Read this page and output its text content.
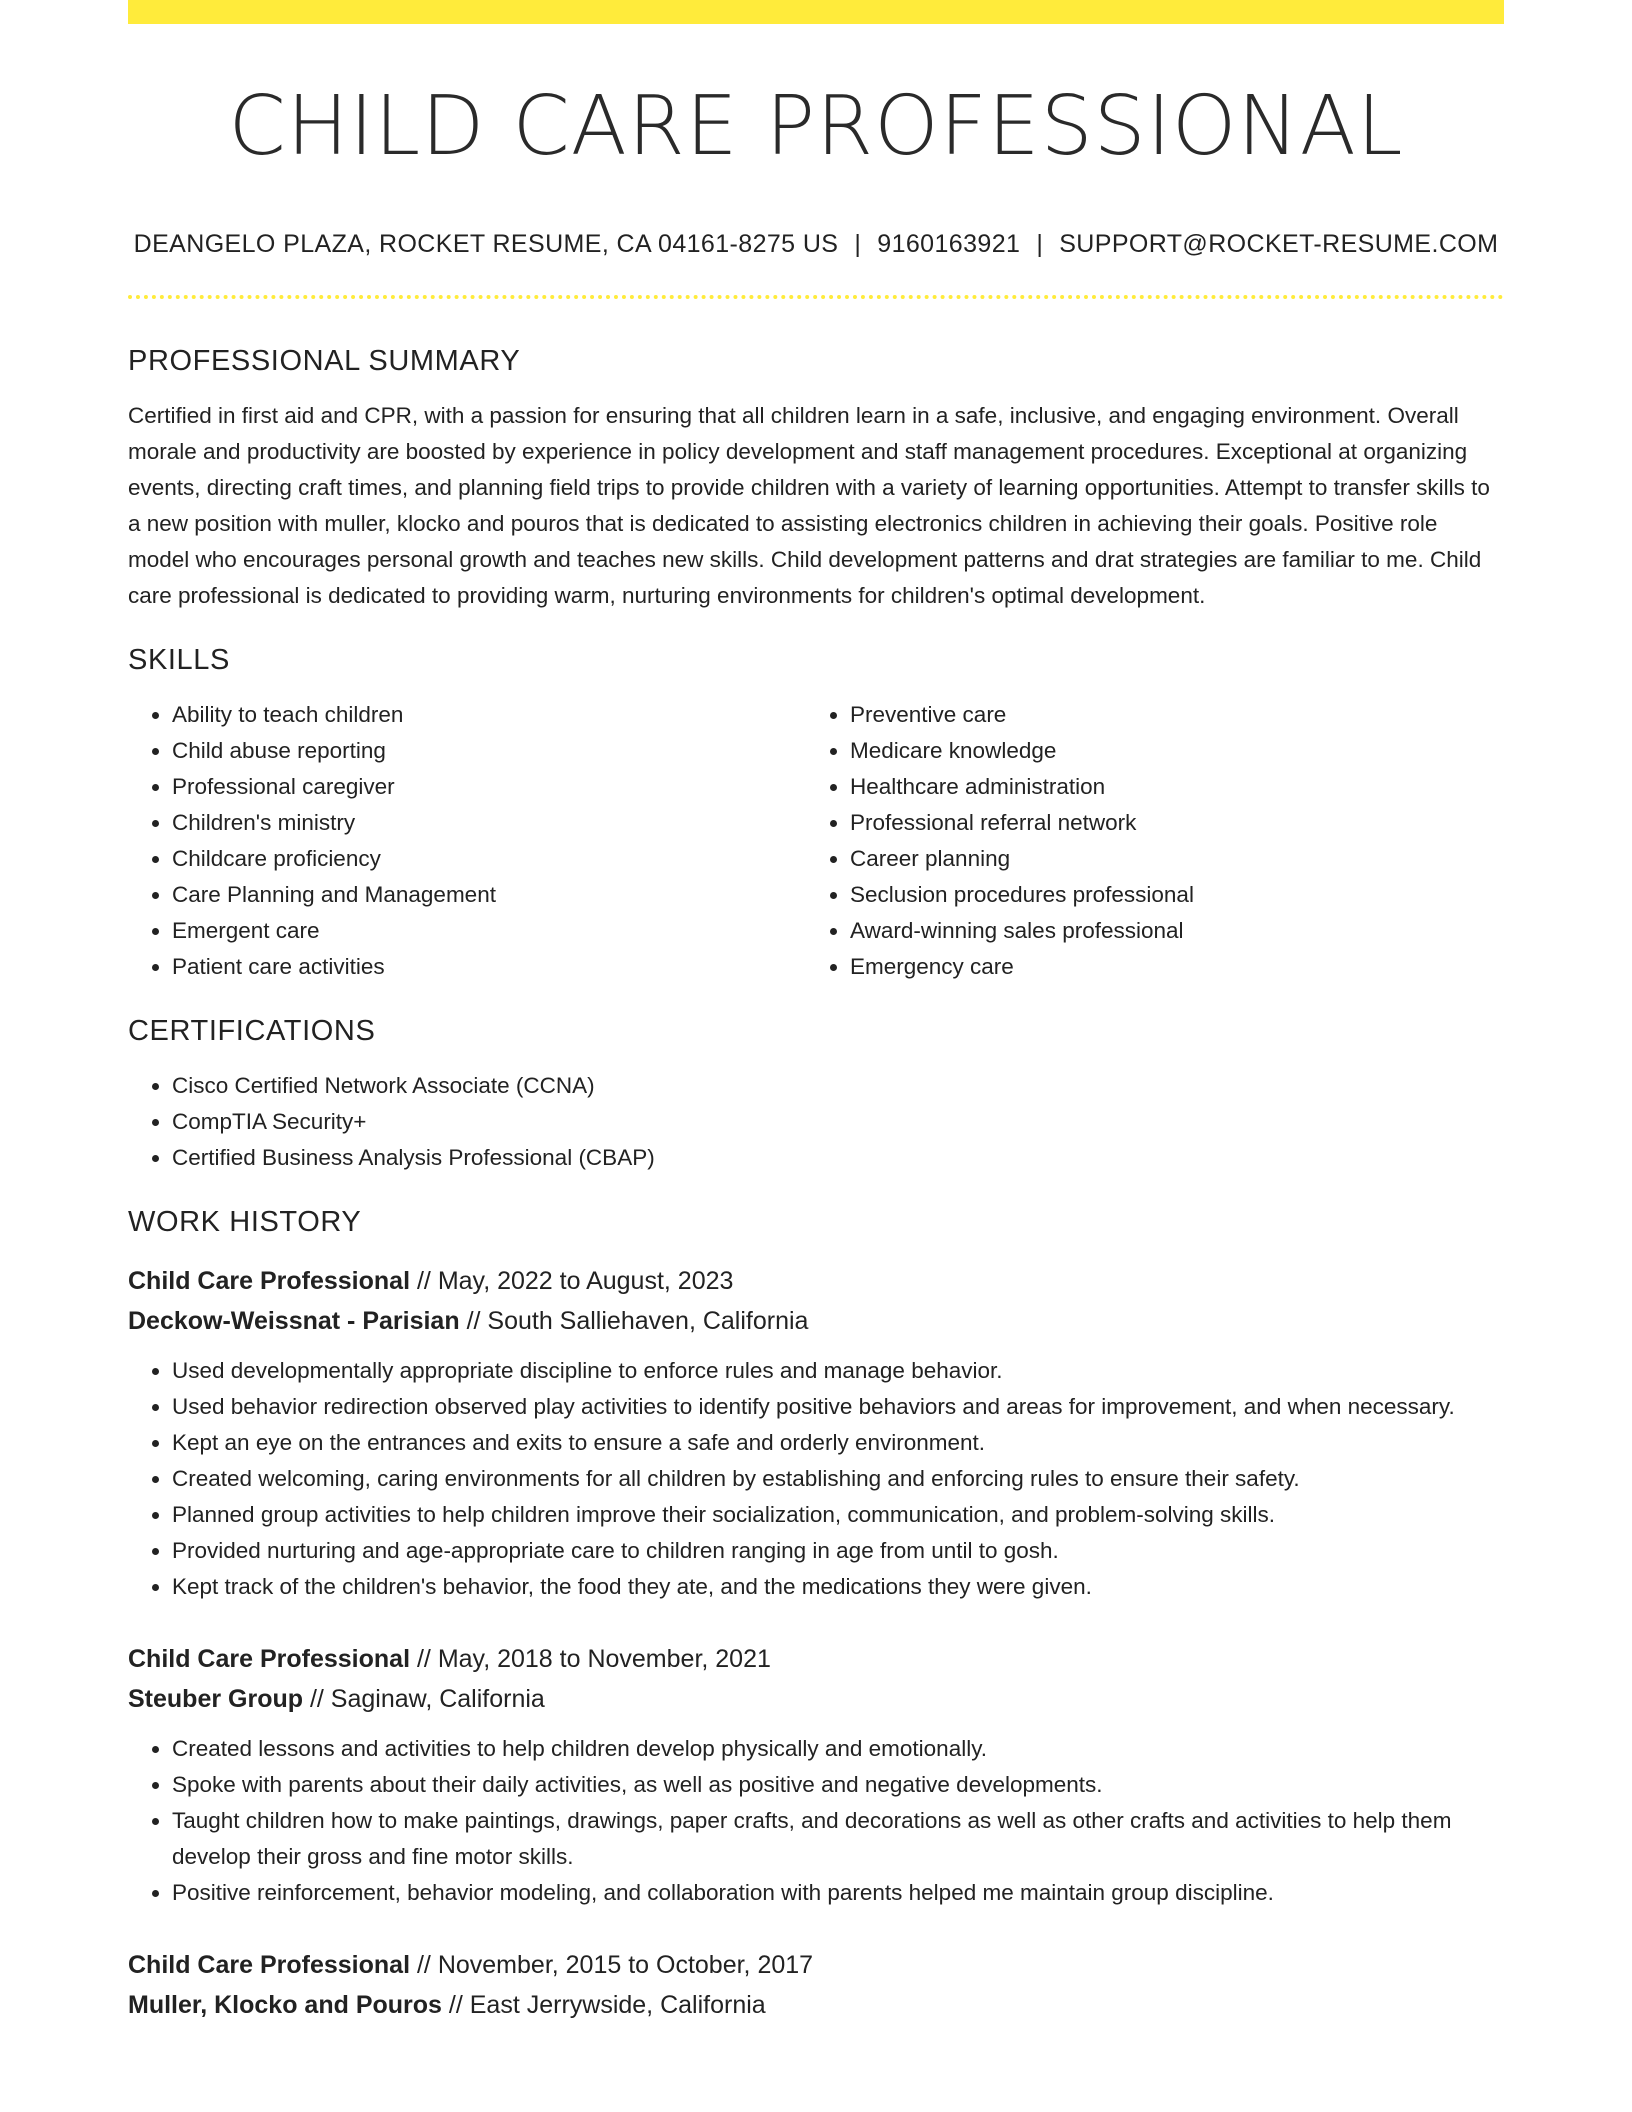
CHILD CARE PROFESSIONAL
DEANGELO PLAZA, ROCKET RESUME, CA 04161-8275 US | 9160163921 | SUPPORT@ROCKET-RESUME.COM
PROFESSIONAL SUMMARY
Certified in first aid and CPR, with a passion for ensuring that all children learn in a safe, inclusive, and engaging environment. Overall morale and productivity are boosted by experience in policy development and staff management procedures. Exceptional at organizing events, directing craft times, and planning field trips to provide children with a variety of learning opportunities. Attempt to transfer skills to a new position with muller, klocko and pouros that is dedicated to assisting electronics children in achieving their goals. Positive role model who encourages personal growth and teaches new skills. Child development patterns and drat strategies are familiar to me. Child care professional is dedicated to providing warm, nurturing environments for children's optimal development.
SKILLS
• Ability to teach children
• Child abuse reporting
• Professional caregiver
• Children's ministry
• Childcare proficiency
• Care Planning and Management
• Emergent care
• Patient care activities
• Preventive care
• Medicare knowledge
• Healthcare administration
• Professional referral network
• Career planning
• Seclusion procedures professional
• Award-winning sales professional
• Emergency care
CERTIFICATIONS
• Cisco Certified Network Associate (CCNA)
• CompTIA Security+
• Certified Business Analysis Professional (CBAP)
WORK HISTORY
Child Care Professional // May, 2022 to August, 2023
Deckow-Weissnat - Parisian // South Salliehaven, California
• Used developmentally appropriate discipline to enforce rules and manage behavior.
• Used behavior redirection observed play activities to identify positive behaviors and areas for improvement, and when necessary.
• Kept an eye on the entrances and exits to ensure a safe and orderly environment.
• Created welcoming, caring environments for all children by establishing and enforcing rules to ensure their safety.
• Planned group activities to help children improve their socialization, communication, and problem-solving skills.
• Provided nurturing and age-appropriate care to children ranging in age from until to gosh.
• Kept track of the children's behavior, the food they ate, and the medications they were given.
Child Care Professional // May, 2018 to November, 2021
Steuber Group // Saginaw, California
• Created lessons and activities to help children develop physically and emotionally.
• Spoke with parents about their daily activities, as well as positive and negative developments.
• Taught children how to make paintings, drawings, paper crafts, and decorations as well as other crafts and activities to help them develop their gross and fine motor skills.
• Positive reinforcement, behavior modeling, and collaboration with parents helped me maintain group discipline.
Child Care Professional // November, 2015 to October, 2017
Muller, Klocko and Pouros // East Jerrywside, California
